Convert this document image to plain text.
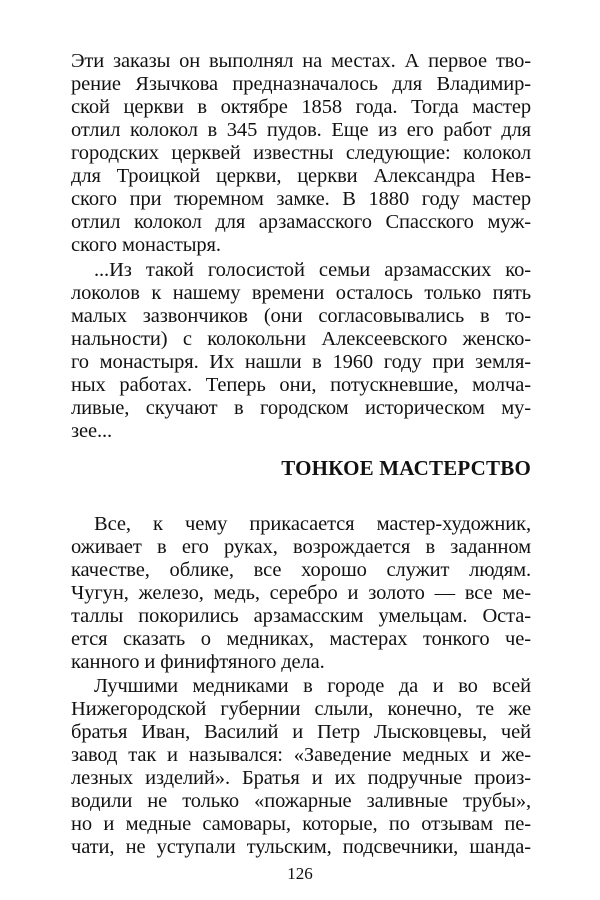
Эти заказы он выполнял на местах. А первое тво-
рение Язычкова предназначалось для Владимир-
ской церкви в октябре 1858 года. Тогда мастер
отлил колокол в 345 пудов. Еще из его работ для
городских церквей известны следующие: колокол
для Троицкой церкви, церкви Александра Нев-
ского при тюремном замке. В 1880 году мастер
отлил колокол для арзамасского Спасского муж-
ского монастыря.
...Из такой голосистой семьи арзамасских ко-
локолов к нашему времени осталось только пять
малых зазвончиков (они согласовывались в то-
нальности) с колокольни Алексеевского женско-
го монастыря. Их нашли в 1960 году при земля-
ных работах. Теперь они, потускневшие, молча-
ливые, скучают в городском историческом му-
зее...
ТОНКОЕ МАСТЕРСТВО
Все, к чему прикасается мастер-художник,
оживает в его руках, возрождается в заданном
качестве, облике, все хорошо служит людям.
Чугун, железо, медь, серебро и золото — все ме-
таллы покорились арзамасским умельцам. Оста-
ется сказать о медниках, мастерах тонкого че-
канного и финифтяного дела.
Лучшими медниками в городе да и во всей
Нижегородской губернии слыли, конечно, те же
братья Иван, Василий и Петр Лысковцевы, чей
завод так и назывался: «Заведение медных и же-
лезных изделий». Братья и их подручные произ-
водили не только «пожарные заливные трубы»,
но и медные самовары, которые, по отзывам пе-
чати, не уступали тульским, подсвечники, шанда-
126
